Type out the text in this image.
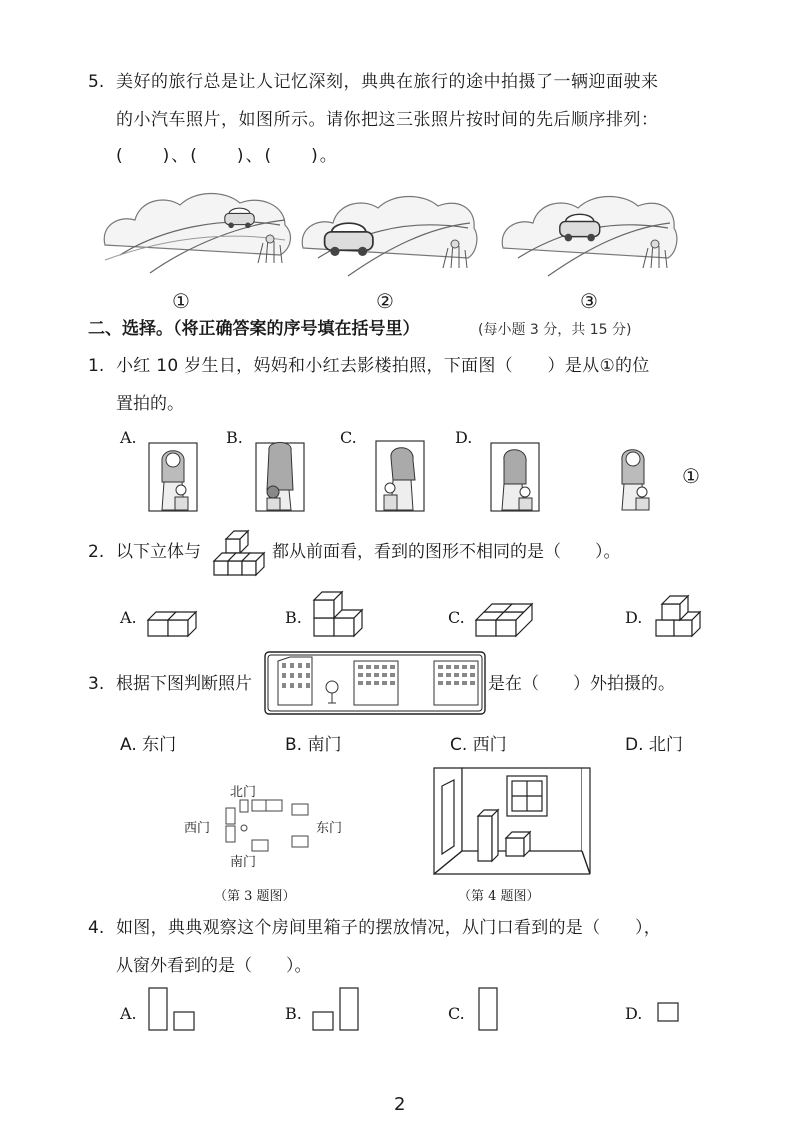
5. 美好的旅行总是让人记忆深刻，典典在旅行的途中拍摄了一辆迎面驶来
的小汽车照片，如图所示。请你把这三张照片按时间的先后顺序排列：
(　　)、(　　)、(　　)。
①	②	③
二、选择。（将正确答案的序号填在括号里）	(每小题 3 分，共 15 分)
1. 小红 10 岁生日，妈妈和小红去影楼拍照，下面图（　　）是从①的位
置拍的。
A.	B.	C.	D.
①
2. 以下立体与	都从前面看，看到的图形不相同的是（　　）。
A.	B.	C.	D.
3. 根据下图判断照片	是在（　　）外拍摄的。
A. 东门	B. 南门	C. 西门	D. 北门
北门
西门	东门
南门
（第 3 题图）	（第 4 题图）
4. 如图，典典观察这个房间里箱子的摆放情况，从门口看到的是（　　），
从窗外看到的是（　　）。
A.	B.	C.	D.
2
